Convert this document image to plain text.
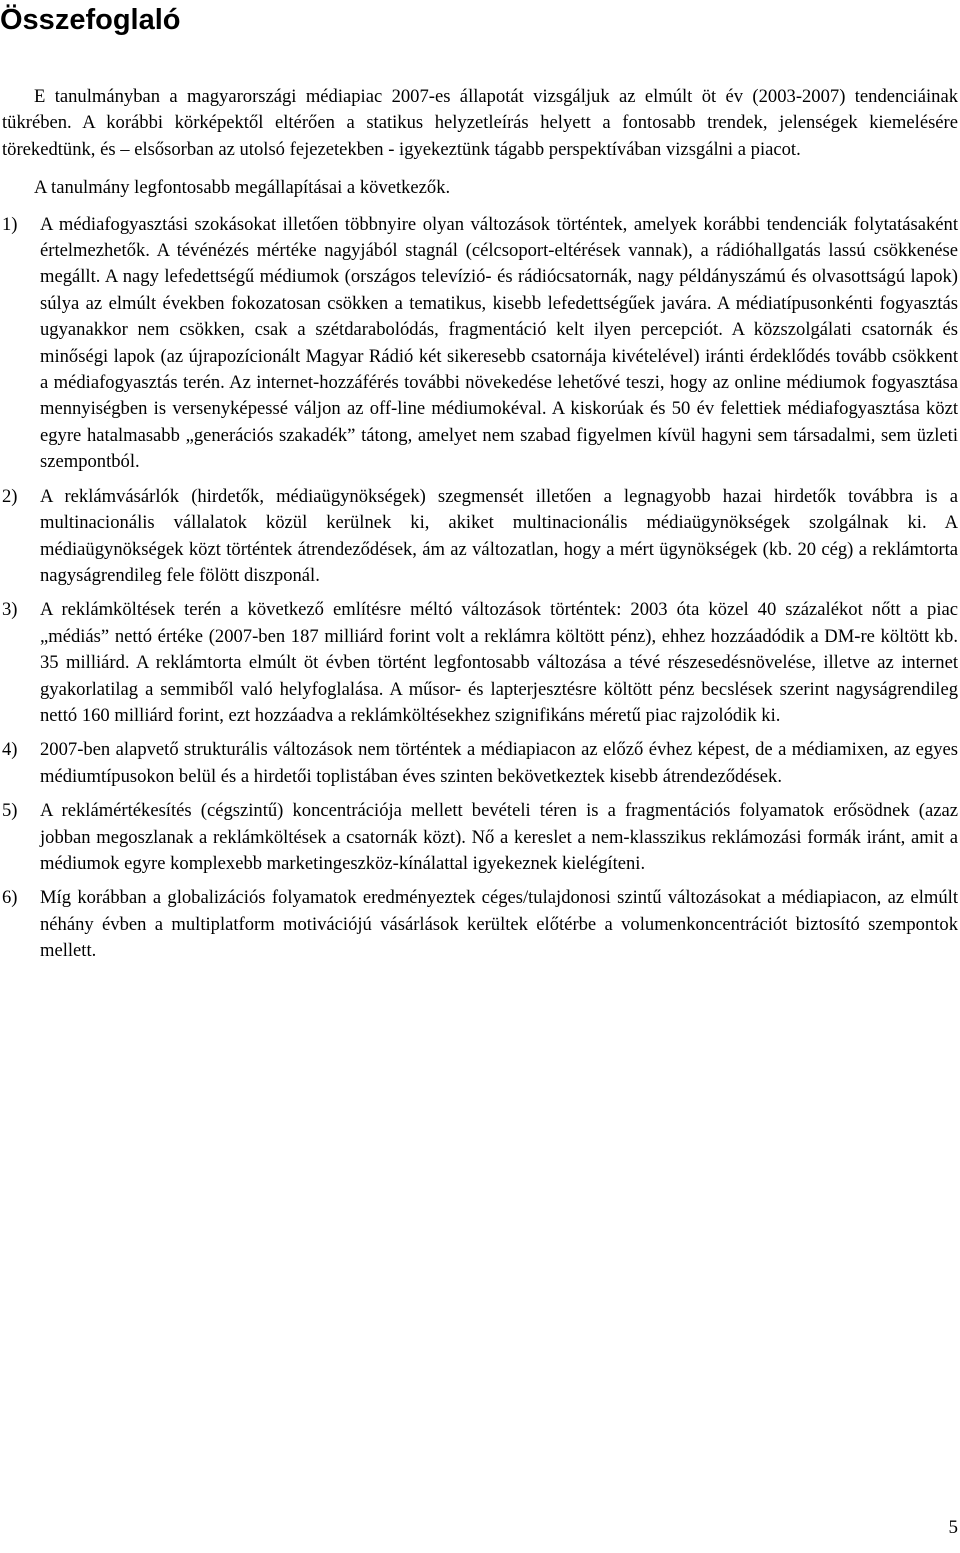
Összefoglaló

E tanulmányban a magyarországi médiapiac 2007-es állapotát vizsgáljuk az elmúlt öt év (2003-2007) tendenciáinak tükrében. A korábbi körképektől eltérően a statikus helyzetleírás helyett a fontosabb trendek, jelenségek kiemelésére törekedtünk, és – elsősorban az utolsó fejezetekben - igyekeztünk tágabb perspektívában vizsgálni a piacot.

A tanulmány legfontosabb megállapításai a következők.

1) A médiafogyasztási szokásokat illetően többnyire olyan változások történtek, amelyek korábbi tendenciák folytatásaként értelmezhetők. A tévénézés mértéke nagyjából stagnál (célcsoport-eltérések vannak), a rádióhallgatás lassú csökkenése megállt. A nagy lefedettségű médiumok (országos televízió- és rádiócsatornák, nagy példányszámú és olvasottságú lapok) súlya az elmúlt években fokozatosan csökken a tematikus, kisebb lefedettségűek javára. A médiatípusonkénti fogyasztás ugyanakkor nem csökken, csak a szétdarabolódás, fragmentáció kelt ilyen percepciót. A közszolgálati csatornák és minőségi lapok (az újrapozícionált Magyar Rádió két sikeresebb csatornája kivételével) iránti érdeklődés tovább csökkent a médiafogyasztás terén. Az internet-hozzáférés további növekedése lehetővé teszi, hogy az online médiumok fogyasztása mennyiségben is versenyképessé váljon az off-line médiumokéval. A kiskorúak és 50 év felettiek médiafogyasztása közt egyre hatalmasabb „generációs szakadék” tátong, amelyet nem szabad figyelmen kívül hagyni sem társadalmi, sem üzleti szempontból.
2) A reklámvásárlók (hirdetők, médiaügynökségek) szegmensét illetően a legnagyobb hazai hirdetők továbbra is a multinacionális vállalatok közül kerülnek ki, akiket multinacionális médiaügynökségek szolgálnak ki. A médiaügynökségek közt történtek átrendeződések, ám az változatlan, hogy a mért ügynökségek (kb. 20 cég) a reklámtorta nagyságrendileg fele fölött diszponál.
3) A reklámköltések terén a következő említésre méltó változások történtek: 2003 óta közel 40 százalékot nőtt a piac „médiás” nettó értéke (2007-ben 187 milliárd forint volt a reklámra költött pénz), ehhez hozzáadódik a DM-re költött kb. 35 milliárd. A reklámtorta elmúlt öt évben történt legfontosabb változása a tévé részesedésnövelése, illetve az internet gyakorlatilag a semmiből való helyfoglalása. A műsor- és lapterjesztésre költött pénz becslések szerint nagyságrendileg nettó 160 milliárd forint, ezt hozzáadva a reklámköltésekhez szignifikáns méretű piac rajzolódik ki.
4) 2007-ben alapvető strukturális változások nem történtek a médiapiacon az előző évhez képest, de a médiamixen, az egyes médiumtípusokon belül és a hirdetői toplistában éves szinten bekövetkeztek kisebb átrendeződések.
5) A reklámértékesítés (cégszintű) koncentrációja mellett bevételi téren is a fragmentációs folyamatok erősödnek (azaz jobban megoszlanak a reklámköltések a csatornák közt). Nő a kereslet a nem-klasszikus reklámozási formák iránt, amit a médiumok egyre komplexebb marketingeszköz-kínálattal igyekeznek kielégíteni.
6) Míg korábban a globalizációs folyamatok eredményeztek céges/tulajdonosi szintű változásokat a médiapiacon, az elmúlt néhány évben a multiplatform motivációjú vásárlások kerültek előtérbe a volumenkoncentrációt biztosító szempontok mellett.
5
